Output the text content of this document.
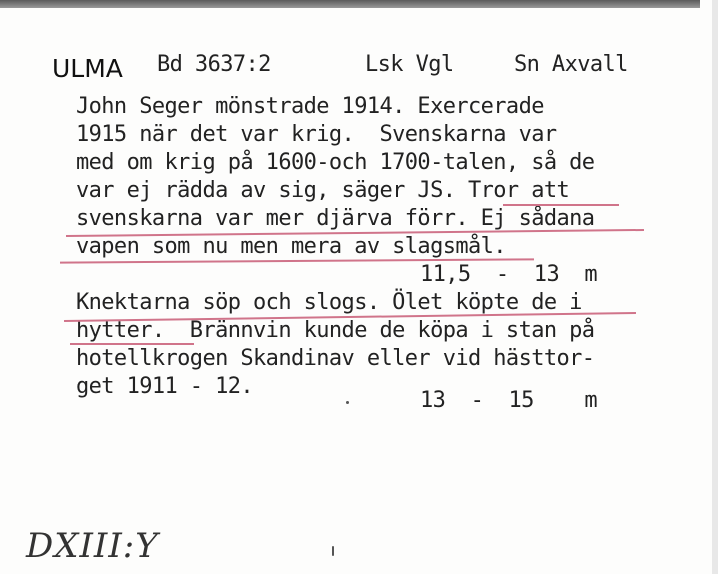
ULMA Bd 3637:2	Lsk Vgl	Sn Axvall
John Seger mönstrade 1914. Exercerade
1915 när det var krig.  Svenskarna var
med om krig på 1600-och 1700-talen, så de
var ej rädda av sig, säger JS. Tror att
svenskarna var mer djärva förr. Ej sådana
vapen som nu men mera av slagsmål.
11,5  -  13  m
Knektarna söp och slogs. Ölet köpte de i
hytter.  Brännvin kunde de köpa i stan på
hotellkrogen Skandinav eller vid hästtor-
get 1911 - 12.
13  -  15    m
DXIII:Y
